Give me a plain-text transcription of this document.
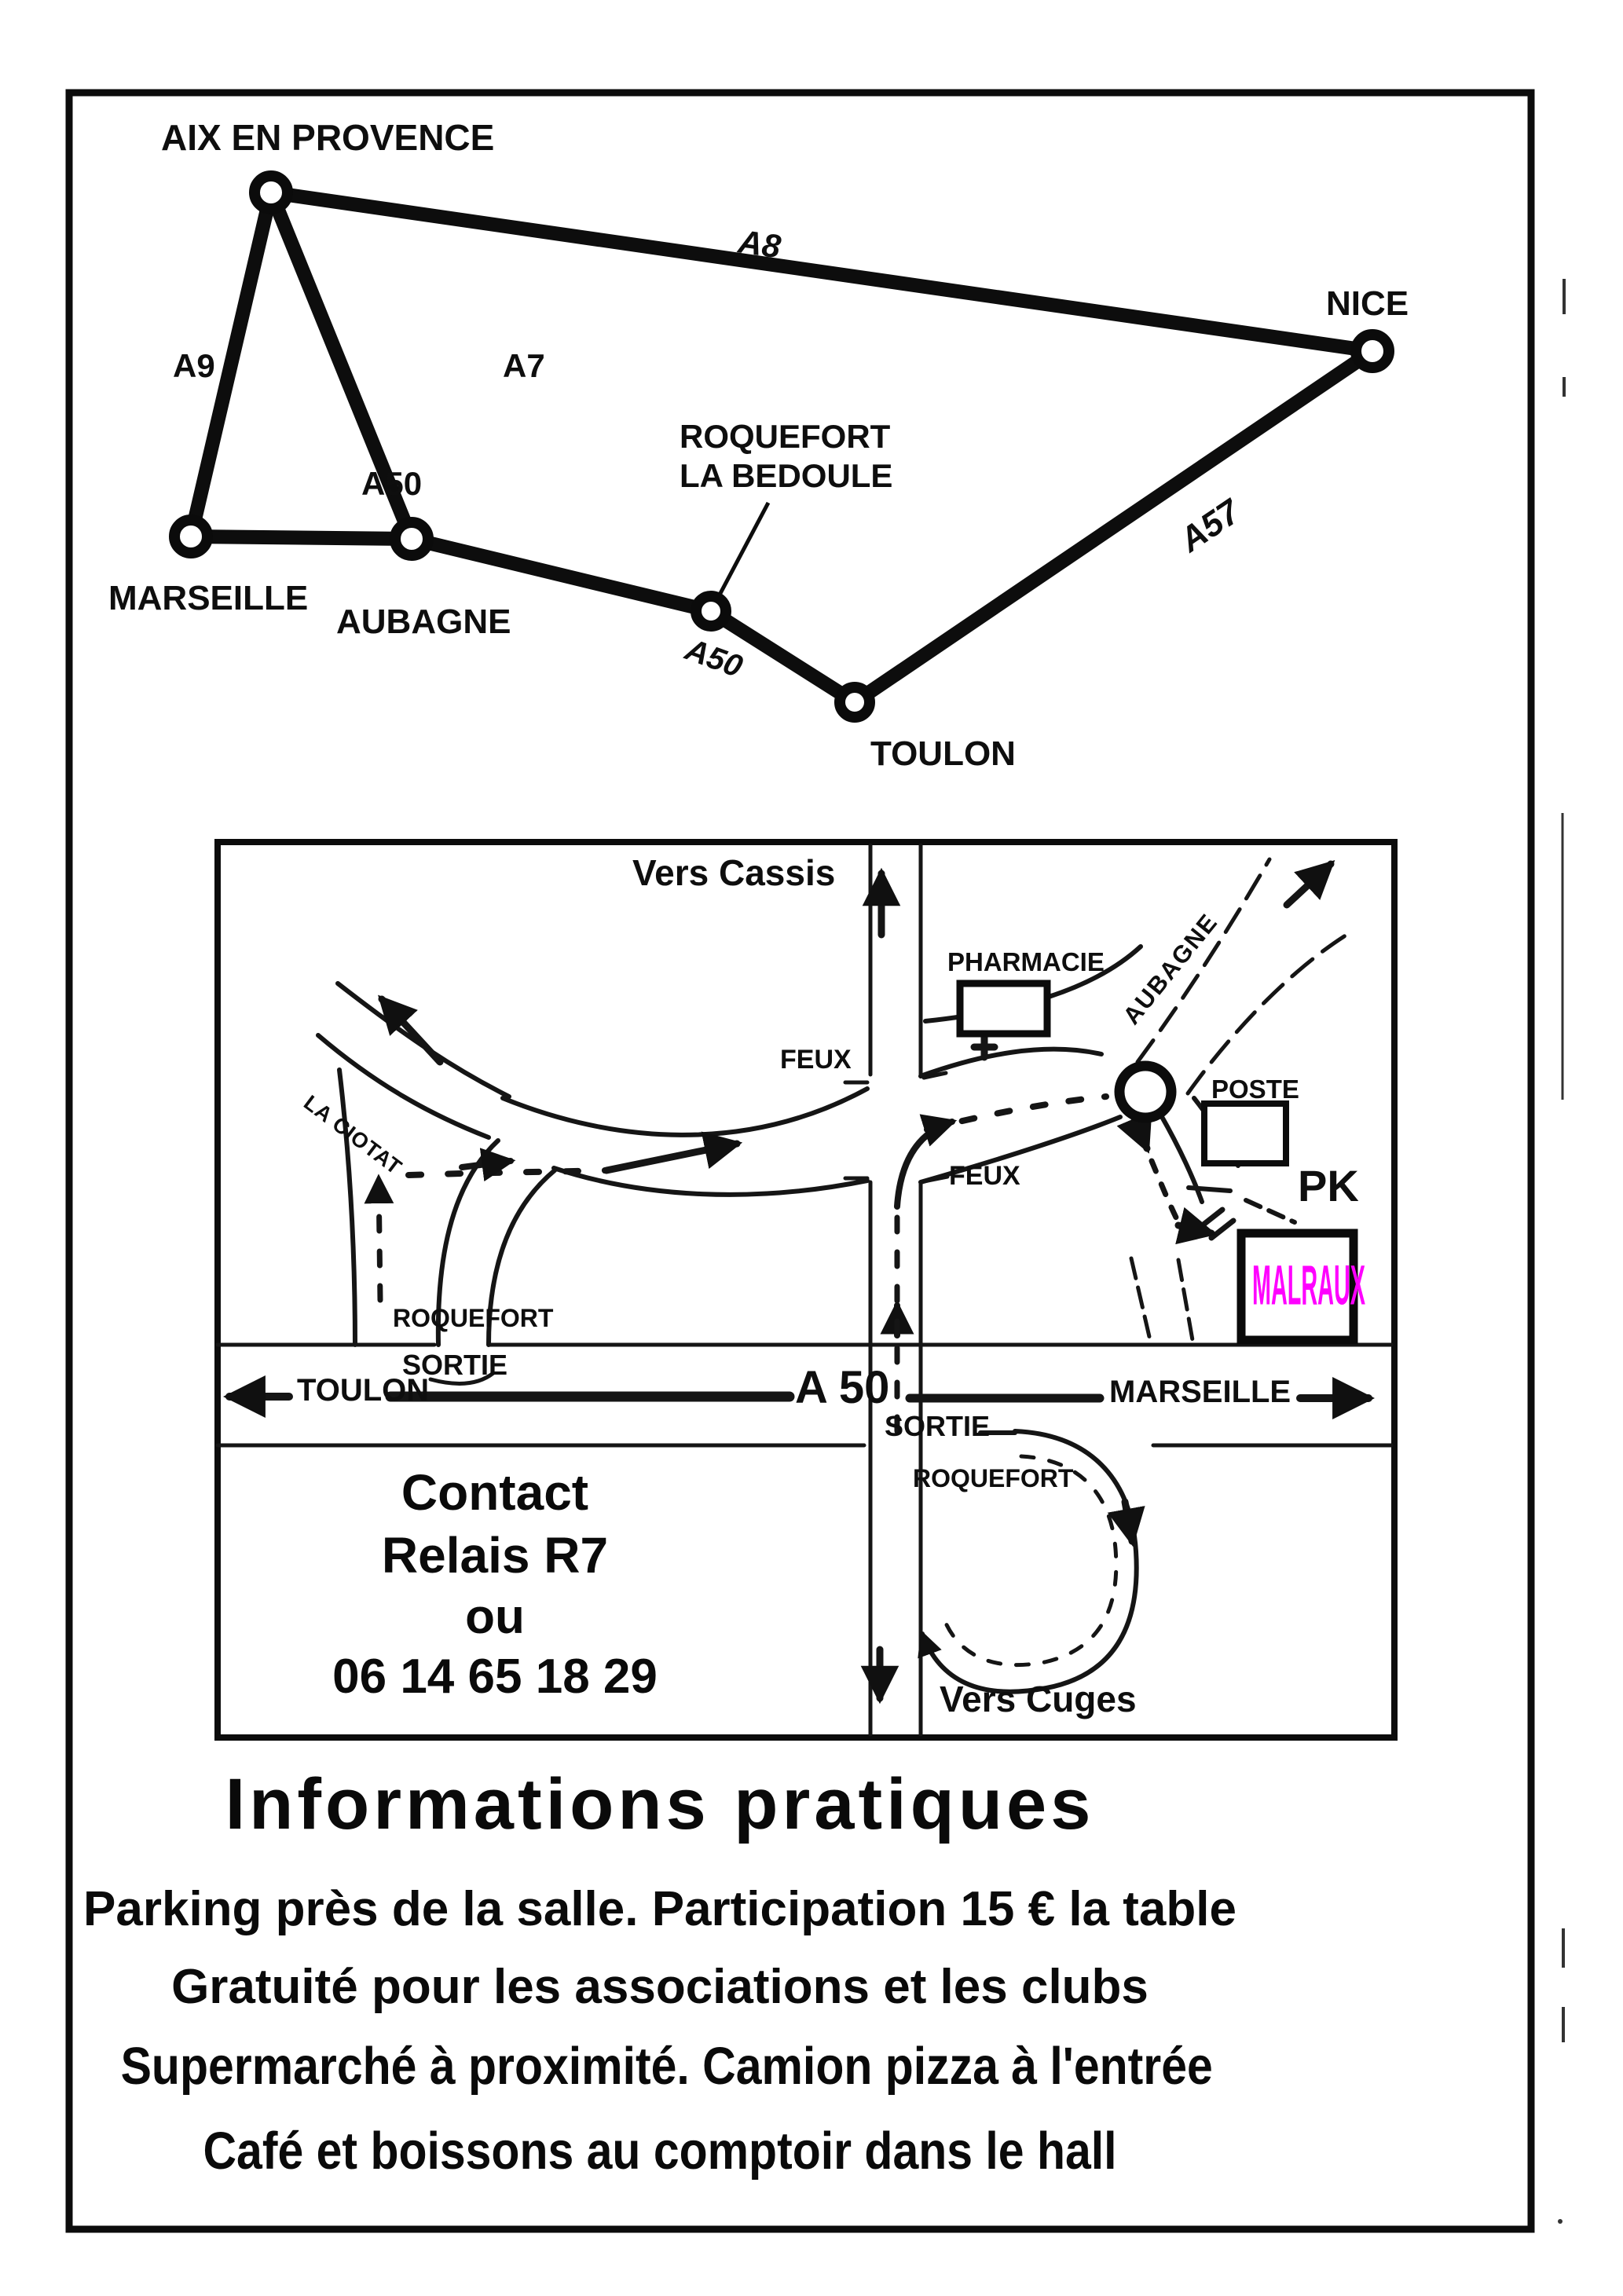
AIX EN PROVENCE
NICE
A8
A9	A7
A50
ROQUEFORT
LA BEDOULE
MARSEILLE
AUBAGNE
A50
A57
TOULON
Vers Cassis
PHARMACIE AUBAGNE
POSTE
PK
MALRAUX
FEUX
FEUX
LA CIOTAT
ROQUEFORT
SORTIE
TOULON	A 50
SORTIE
ROQUEFORT
MARSEILLE
Vers Cuges
Contact
Relais R7
ou
06 14 65 18 29
Informations pratiques
Parking près de la salle. Participation 15 € la table
Gratuité pour les associations et les clubs
Supermarché à proximité. Camion pizza à l'entrée
Café et boissons au comptoir dans le hall
